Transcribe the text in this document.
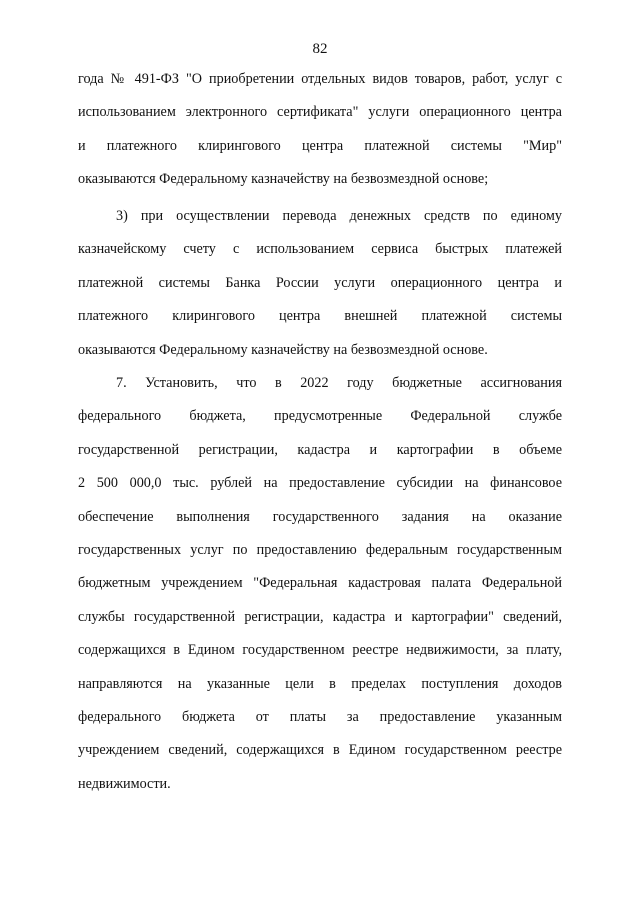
82

года № 491-ФЗ "О приобретении отдельных видов товаров, работ, услуг с
использованием электронного сертификата" услуги операционного центра
и платежного клирингового центра платежной системы "Мир"
оказываются Федеральному казначейству на безвозмездной основе;

3) при осуществлении перевода денежных средств по единому
казначейскому счету с использованием сервиса быстрых платежей
платежной системы Банка России услуги операционного центра и
платежного клирингового центра внешней платежной системы
оказываются Федеральному казначейству на безвозмездной основе.

7. Установить, что в 2022 году бюджетные ассигнования
федерального бюджета, предусмотренные Федеральной службе
государственной регистрации, кадастра и картографии в объеме
2 500 000,0 тыс. рублей на предоставление субсидии на финансовое
обеспечение выполнения государственного задания на оказание
государственных услуг по предоставлению федеральным государственным
бюджетным учреждением "Федеральная кадастровая палата Федеральной
службы государственной регистрации, кадастра и картографии" сведений,
содержащихся в Едином государственном реестре недвижимости, за плату,
направляются на указанные цели в пределах поступления доходов
федерального бюджета от платы за предоставление указанным
учреждением сведений, содержащихся в Едином государственном реестре
недвижимости.
